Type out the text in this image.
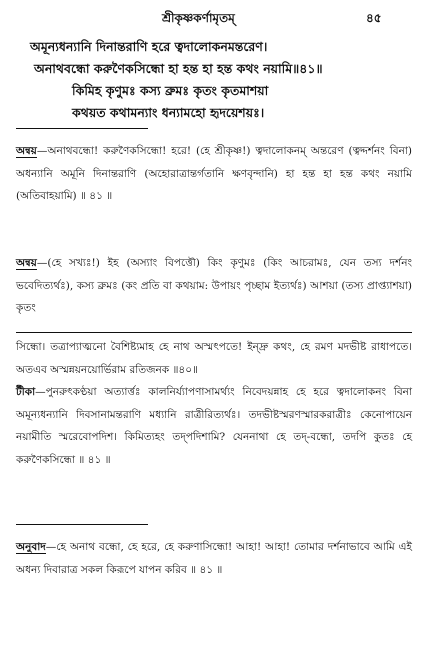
শ্রীকৃষ্ণকর্ণামৃতম্	৪৫
অমূন্যধন্যানি দিনান্তরাণি হরে ত্বদালোকনমন্তরেণ।
অনাথবন্ধো করুণৈকসিন্ধো হা হন্ত হা হন্ত কথং নয়ামি॥৪১॥
কিমিহ কৃণুমঃ কস্য ব্রুমঃ কৃতং কৃতমাশয়া
কথয়ত কথামন্যাং ধন্যামহো হৃদয়েশয়ঃ।
অন্বয়—অনাথবন্ধো! করুণৈকসিন্ধো! হরে! (হে শ্রীকৃষ্ণ!) ত্বদালোকনম্ অন্তরেণ (ত্বদ্দর্শনং বিনা) অধন্যানি অমূনি দিনান্তরাণি (অহোরাত্রান্তর্গতানি ক্ষণবৃন্দানি) হা হন্ত হা হন্ত কথং নয়ামি (অতিবাহয়ামি) ॥ ৪১ ॥
অন্বয়—(হে সখ্যঃ!) ইহ (অস্যাং বিপত্তৌ) কিং কৃণুমঃ (কিং আচরামঃ, যেন তস্য দর্শনং ভবেদিত্যর্থঃ), কস্য ব্রুমঃ (কং প্রতি বা কথয়াম: উপায়ং পৃচ্ছাম ইত্যর্থঃ) আশয়া (তস্য প্রাপ্ত্যাশয়া) কৃতং
সিন্ধো। তত্রাপ্যাত্মনো বৈশিষ্ট্যমাহ হে নাথ অস্মৎপতে! ইন্দ্রু কথং, হে রমণ মদভীষ্ট রাধাপতে। অতএব অস্মন্নয়নয়োর্ভিরাম রতিজনক ॥৪০॥
টীকা—পুনরুৎকণ্ঠয়া অত্যার্ত্তঃ কালনির্য্যাপণাসামর্থ্যং নিবেদয়ন্নাহ হে হরে ত্বদালোকনং বিনা অমূন্যধন্যানি দিবসানামন্তরাণি মধ্যানি রাত্রীরিত্যর্থঃ। তদভীষ্টস্মরণস্মারকরাত্রীঃ কেনোপায়েন নয়ামীতি স্মরেবোপদিশ। কিমিত্যহং তদ্পদিশামি? যেননাথা হে তদ্-বন্ধো, তদপি কুতঃ হে করুণৈকসিন্ধো ॥ ৪১ ॥
অনুবাদ—হে অনাথ বন্ধো, হে হরে, হে করুণাসিন্ধো! আহা! আহা! তোমার দর্শনাভাবে আমি এই অধন্য দিবারাত্র সকল কিরূপে যাপন করিব ॥ ৪১ ॥
